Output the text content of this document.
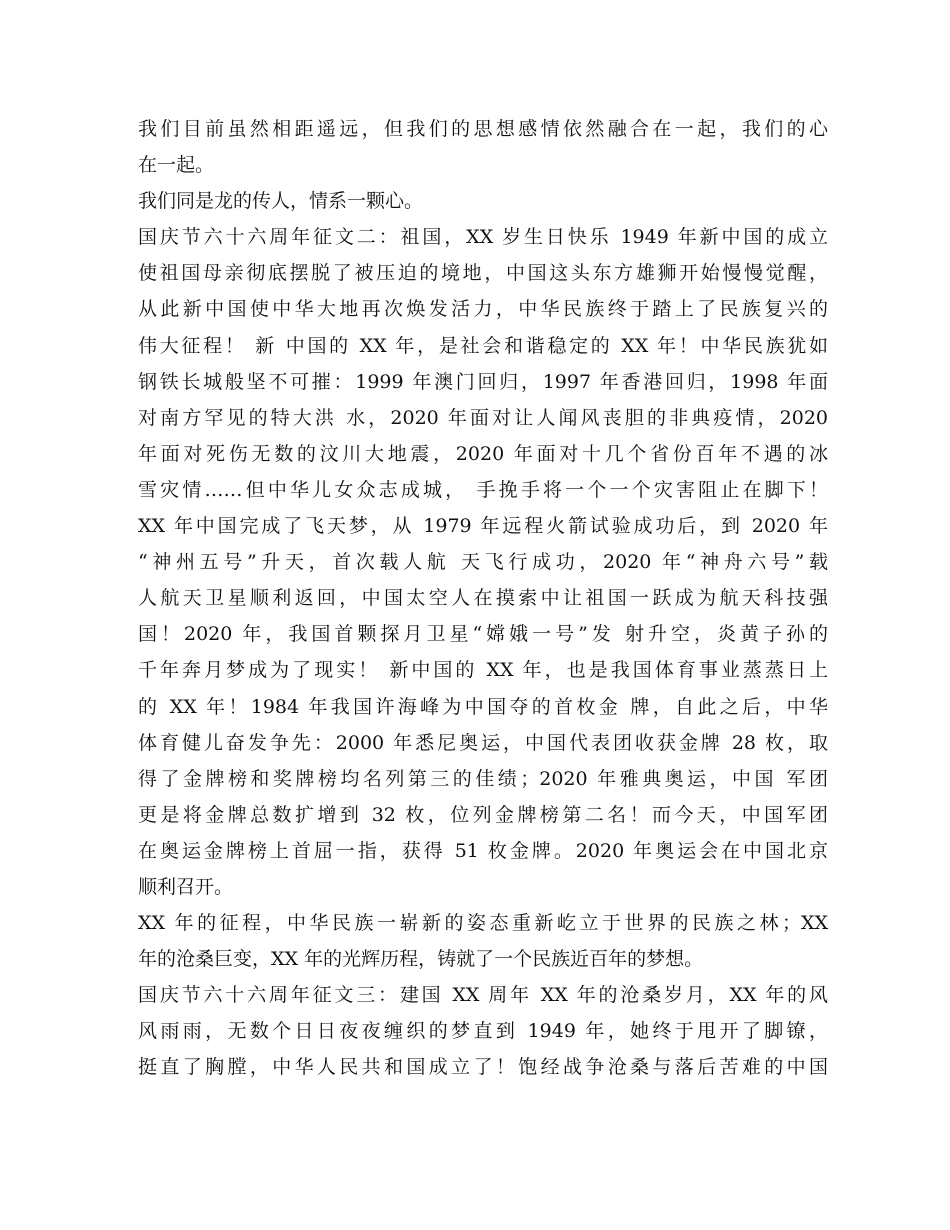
我们目前虽然相距遥远，但我们的思想感情依然融合在一起，我们的心
在一起。
我们同是龙的传人，情系一颗心。
国庆节六十六周年征文二：祖国，XX 岁生日快乐 1949 年新中国的成立
使祖国母亲彻底摆脱了被压迫的境地，中国这头东方雄狮开始慢慢觉醒，
从此新中国使中华大地再次焕发活力，中华民族终于踏上了民族复兴的
伟大征程！ 新 中国的 XX 年，是社会和谐稳定的 XX 年！中华民族犹如
钢铁长城般坚不可摧：1999 年澳门回归，1997 年香港回归，1998 年面
对南方罕见的特大洪 水，2020 年面对让人闻风丧胆的非典疫情，2020
年面对死伤无数的汶川大地震，2020 年面对十几个省份百年不遇的冰
雪灾情……但中华儿女众志成城， 手挽手将一个一个灾害阻止在脚下！
XX 年中国完成了飞天梦，从 1979 年远程火箭试验成功后，到 2020 年
“神州五号”升天，首次载人航 天飞行成功，2020 年“神舟六号”载
人航天卫星顺利返回，中国太空人在摸索中让祖国一跃成为航天科技强
国！2020 年，我国首颗探月卫星“嫦娥一号”发 射升空，炎黄子孙的
千年奔月梦成为了现实！ 新中国的 XX 年，也是我国体育事业蒸蒸日上
的 XX 年！1984 年我国许海峰为中国夺的首枚金 牌，自此之后，中华
体育健儿奋发争先：2000 年悉尼奥运，中国代表团收获金牌 28 枚，取
得了金牌榜和奖牌榜均名列第三的佳绩；2020 年雅典奥运，中国 军团
更是将金牌总数扩增到 32 枚，位列金牌榜第二名！而今天，中国军团
在奥运金牌榜上首屈一指，获得 51 枚金牌。2020 年奥运会在中国北京
顺利召开。
XX 年的征程，中华民族一崭新的姿态重新屹立于世界的民族之林；XX
年的沧桑巨变，XX 年的光辉历程，铸就了一个民族近百年的梦想。
国庆节六十六周年征文三：建国 XX 周年 XX 年的沧桑岁月，XX 年的风
风雨雨，无数个日日夜夜缠织的梦直到 1949 年，她终于甩开了脚镣，
挺直了胸膛，中华人民共和国成立了！饱经战争沧桑与落后苦难的中国
